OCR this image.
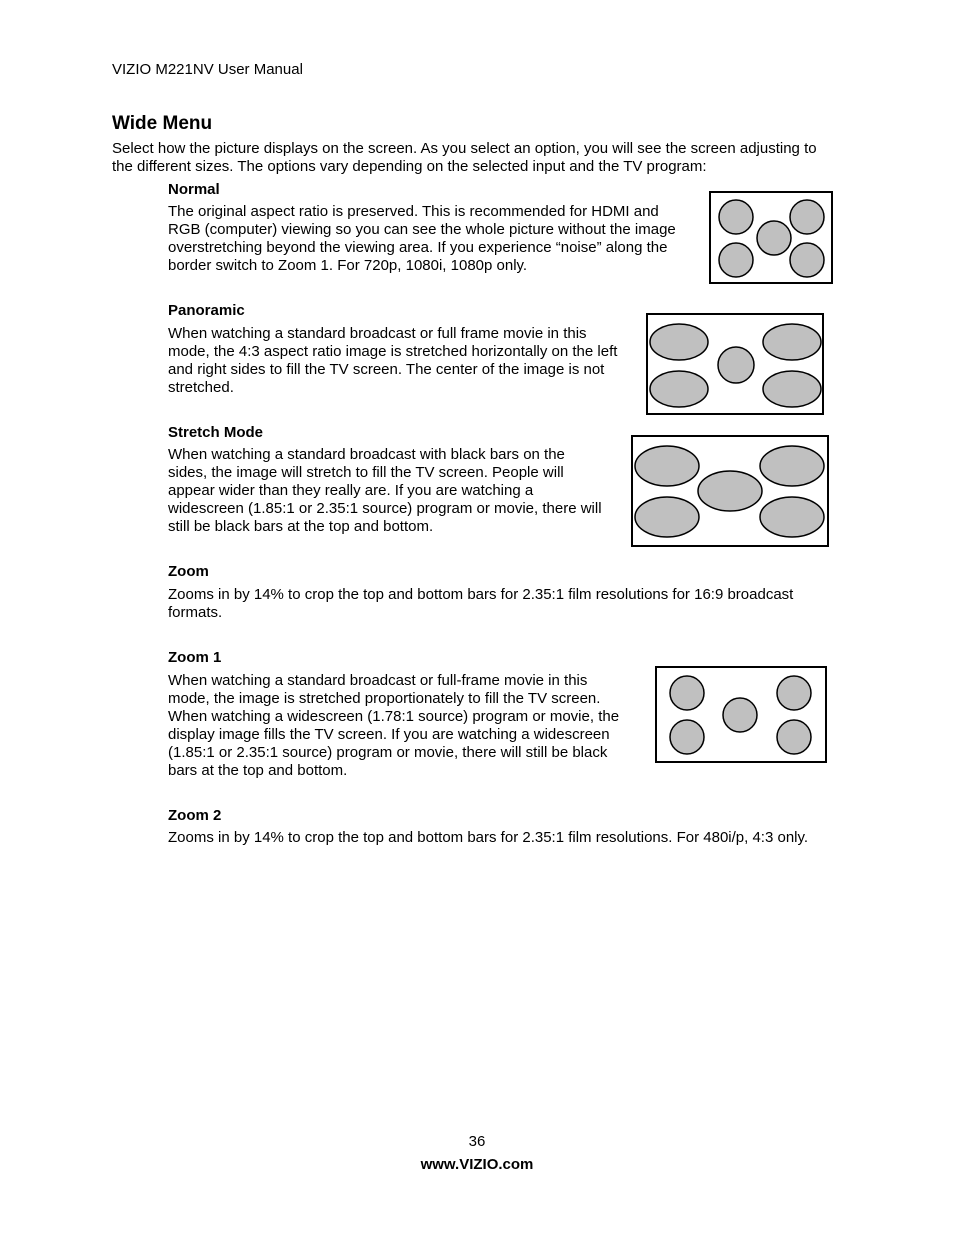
VIZIO M221NV User Manual
Wide Menu

Select how the picture displays on the screen. As you select an option, you will see the screen adjusting to the different sizes. The options vary depending on the selected input and the TV program:

Normal

The original aspect ratio is preserved. This is recommended for HDMI and RGB (computer) viewing so you can see the whole picture without the image overstretching beyond the viewing area. If you experience “noise” along the border switch to Zoom 1. For 720p, 1080i, 1080p only.

Panoramic

When watching a standard broadcast or full frame movie in this mode, the 4:3 aspect ratio image is stretched horizontally on the left and right sides to fill the TV screen. The center of the image is not stretched.

Stretch Mode

When watching a standard broadcast with black bars on the sides, the image will stretch to fill the TV screen. People will appear wider than they really are. If you are watching a widescreen (1.85:1 or 2.35:1 source) program or movie, there will still be black bars at the top and bottom.

Zoom

Zooms in by 14% to crop the top and bottom bars for 2.35:1 film resolutions for 16:9 broadcast formats.

Zoom 1

When watching a standard broadcast or full-frame movie in this mode, the image is stretched proportionately to fill the TV screen. When watching a widescreen (1.78:1 source) program or movie, the display image fills the TV screen. If you are watching a widescreen (1.85:1 or 2.35:1 source) program or movie, there will still be black bars at the top and bottom.

Zoom 2

Zooms in by 14% to crop the top and bottom bars for 2.35:1 film resolutions. For 480i/p, 4:3 only.

36
www.VIZIO.com
